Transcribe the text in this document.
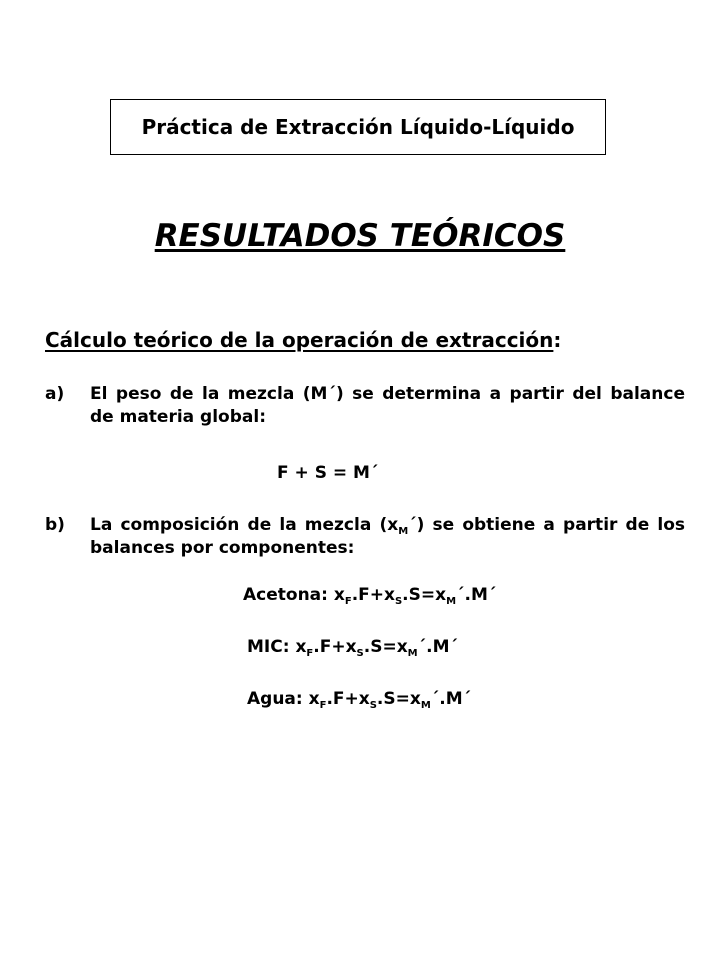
Práctica de Extracción Líquido-Líquido
RESULTADOS TEÓRICOS
Cálculo teórico de la operación de extracción:
a) El peso de la mezcla (M´) se determina a partir del balance de materia global:
F + S = M´
b) La composición de la mezcla $(x_M´)$ se obtiene a partir de los balances por componentes:
Acetona: $x_F.F+x_S.S=x_M´.M´$
MIC: $x_F.F+x_S.S=x_M´.M´$
Agua: $x_F.F+x_S.S=x_M´.M´$
